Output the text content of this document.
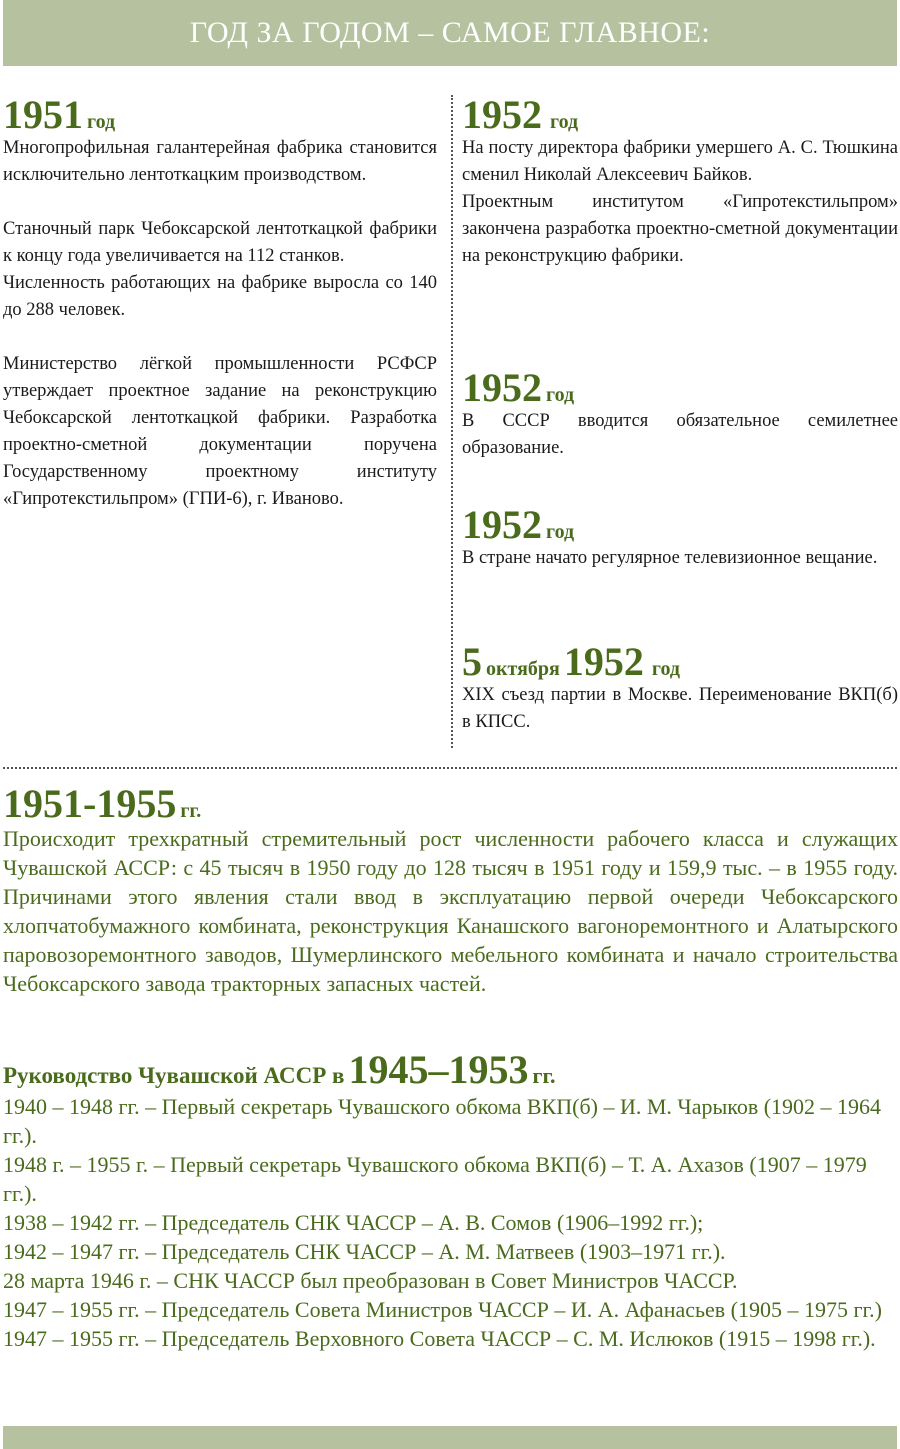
ГОД ЗА ГОДОМ – САМОЕ ГЛАВНОЕ:
1951 год

Многопрофильная галантерейная фабрика становится исключительно лентоткацким производством.

Станочный парк Чебоксарской лентоткацкой фабрики к концу года увеличивается на 112 станков.

Численность работающих на фабрике выросла со 140 до 288 человек.

Министерство лёгкой промышленности РСФСР утверждает проектное задание на реконструкцию Чебоксарской лентоткацкой фабрики. Разработка проектно-сметной документации поручена Государственному проектному институту «Гипротекстильпром» (ГПИ-6), г. Иваново.

1952 год

На посту директора фабрики умершего А. С. Тюшкина сменил Николай Алексеевич Байков.

Проектным институтом «Гипротекстильпром» закончена разработка проектно-сметной документации на реконструкцию фабрики.

1952 год

В СССР вводится обязательное семилетнее образование.

1952 год

В стране начато регулярное телевизионное вещание.

5 октября 1952 год

XIX съезд партии в Москве. Переименование ВКП(б) в КПСС.

1951-1955 гг.

Происходит трехкратный стремительный рост численности рабочего класса и служащих Чувашской АССР: с 45 тысяч в 1950 году до 128 тысяч в 1951 году и 159,9 тыс. – в 1955 году. Причинами этого явления стали ввод в эксплуатацию первой очереди Чебоксарского хлопчатобумажного комбината, реконструкция Канашского вагоноремонтного и Алатырского паровозоремонтного заводов, Шумерлинского мебельного комбината и начало строительства Чебоксарского завода тракторных запасных частей.

Руководство Чувашской АССР в 1945–1953 гг.

1940 – 1948 гг. – Первый секретарь Чувашского обкома ВКП(б) – И. М. Чарыков (1902 – 1964 гг.).

1948 г. – 1955 г. – Первый секретарь Чувашского обкома ВКП(б) – Т. А. Ахазов (1907 – 1979 гг.).

1938 – 1942 гг. – Председатель СНК ЧАССР – А. В. Сомов (1906–1992 гг.);

1942 – 1947 гг. – Председатель СНК ЧАССР – А. М. Матвеев (1903–1971 гг.).

28 марта 1946 г. – СНК ЧАССР был преобразован в Совет Министров ЧАССР.

1947 – 1955 гг. – Председатель Совета Министров ЧАССР – И. А. Афанасьев (1905 – 1975 гг.)

1947 – 1955 гг. – Председатель Верховного Совета ЧАССР – С. М. Ислюков (1915 – 1998 гг.).
